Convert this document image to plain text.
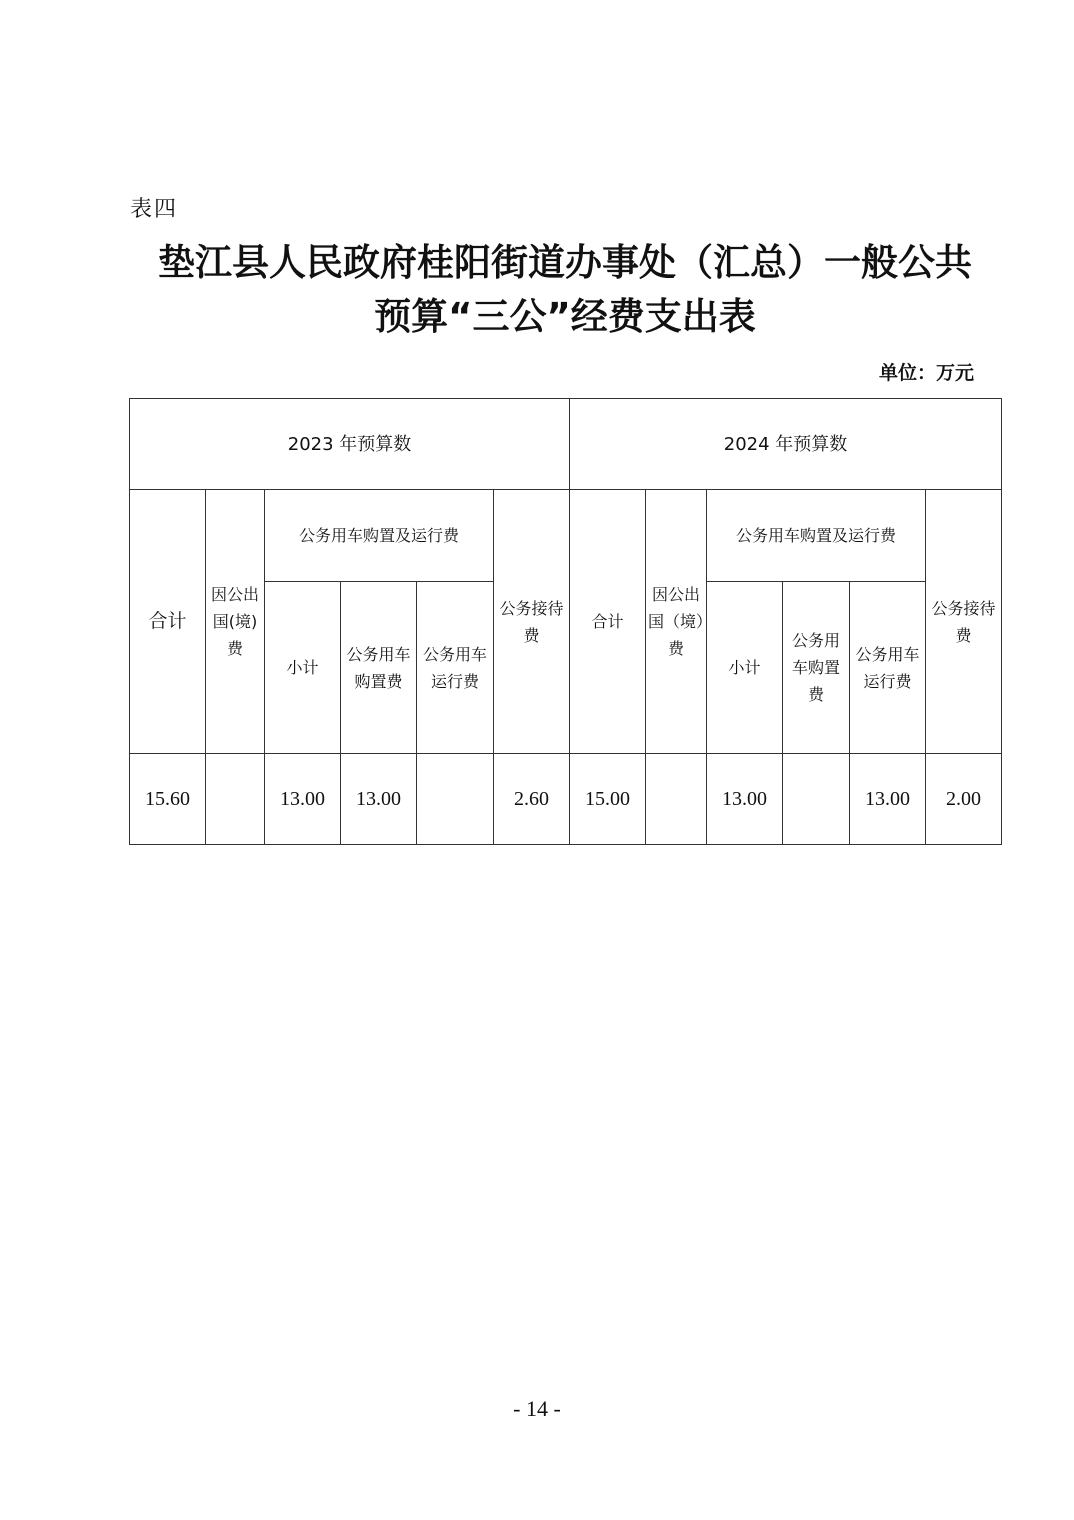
表四
垫江县人民政府桂阳街道办事处（汇总）一般公共
预算“三公”经费支出表
单位：万元
2023 年预算数						2024 年预算数					
合计	因公出国(境)费	公务用车购置及运行费			公务接待费	合计	因公出国（境）费	公务用车购置及运行费			公务接待费
		小计	公务用车购置费	公务用车运行费				小计	公务用车购置费	公务用车运行费	
15.60		13.00	13.00		2.60	15.00		13.00		13.00	2.00
- 14 -
